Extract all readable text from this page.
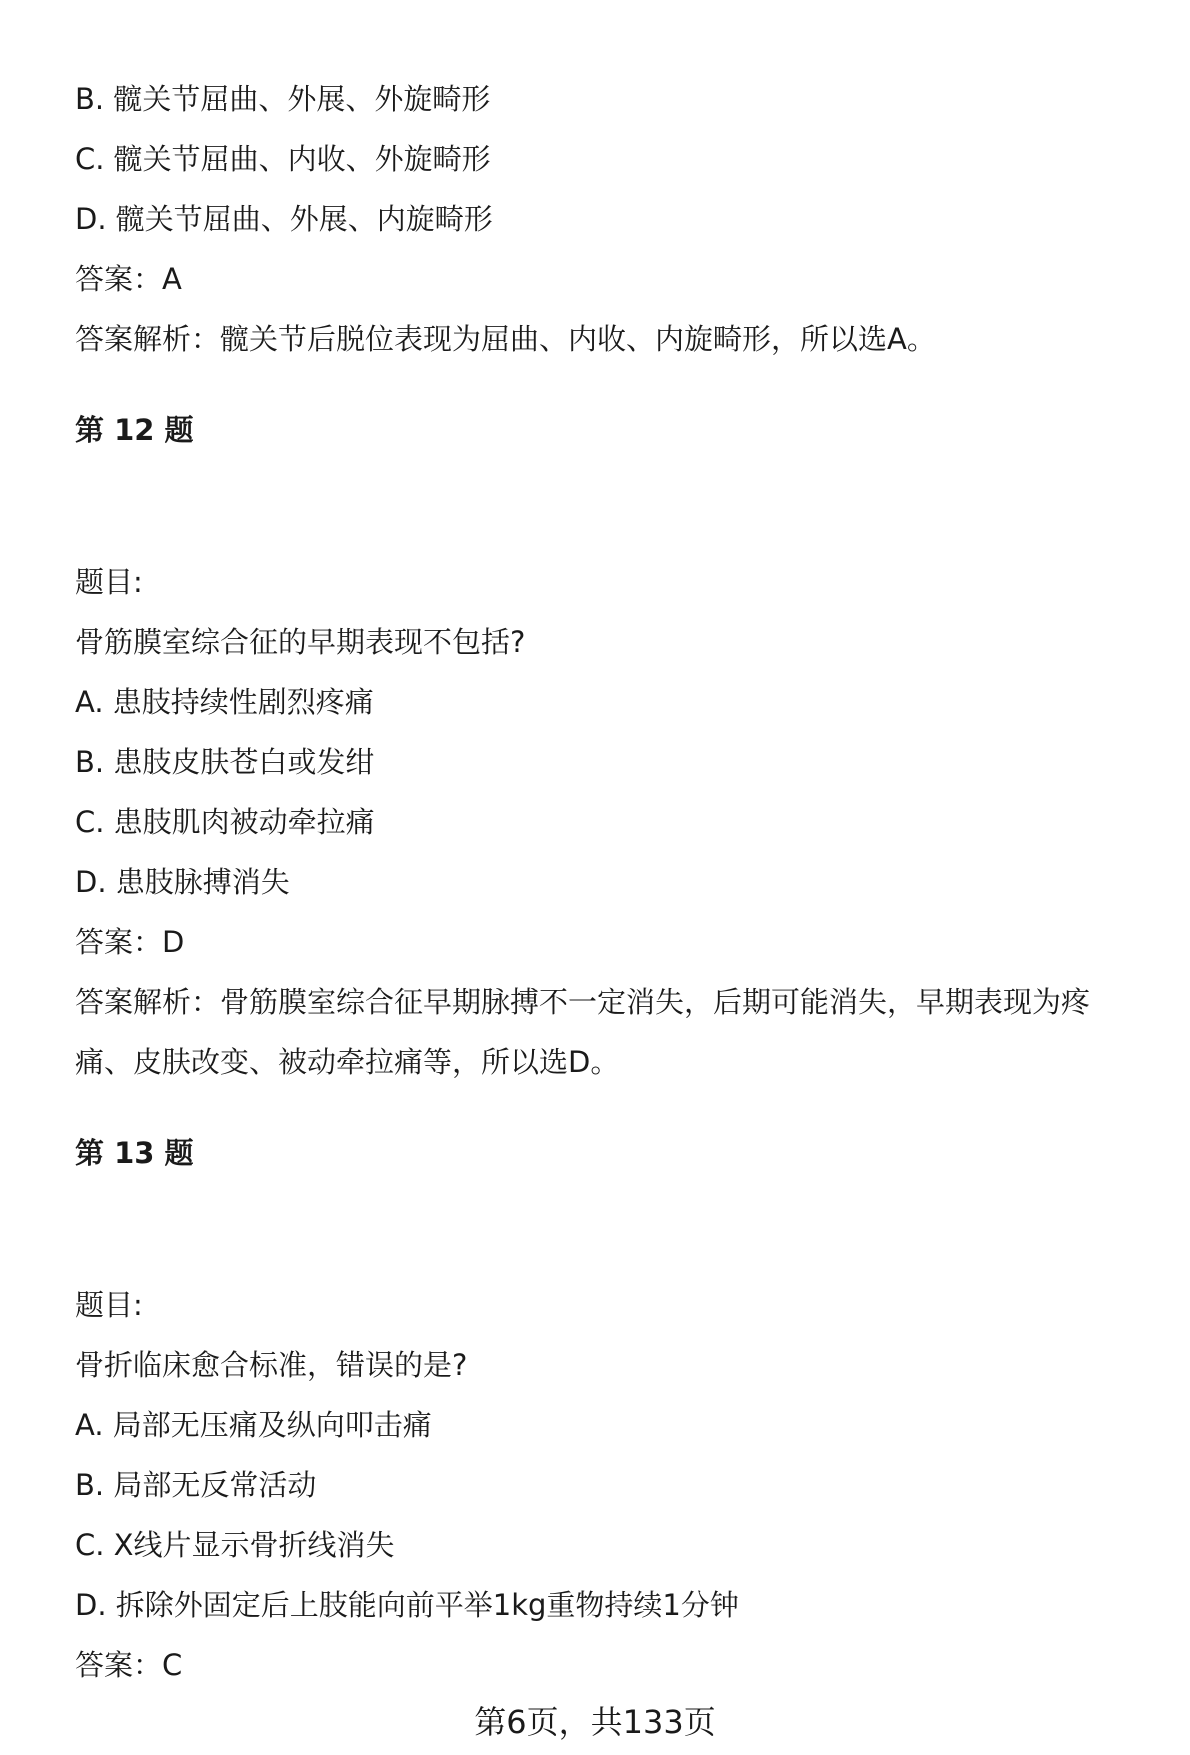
B. 髋关节屈曲、外展、外旋畸形
C. 髋关节屈曲、内收、外旋畸形
D. 髋关节屈曲、外展、内旋畸形
答案：A
答案解析：髋关节后脱位表现为屈曲、内收、内旋畸形，所以选A。
第 12 题
题目:
骨筋膜室综合征的早期表现不包括?
A. 患肢持续性剧烈疼痛
B. 患肢皮肤苍白或发绀
C. 患肢肌肉被动牵拉痛
D. 患肢脉搏消失
答案：D
答案解析：骨筋膜室综合征早期脉搏不一定消失，后期可能消失，早期表现为疼痛、皮肤改变、被动牵拉痛等，所以选D。
第 13 题
题目:
骨折临床愈合标准，错误的是?
A. 局部无压痛及纵向叩击痛
B. 局部无反常活动
C. X线片显示骨折线消失
D. 拆除外固定后上肢能向前平举1kg重物持续1分钟
答案：C
第6页，共133页
